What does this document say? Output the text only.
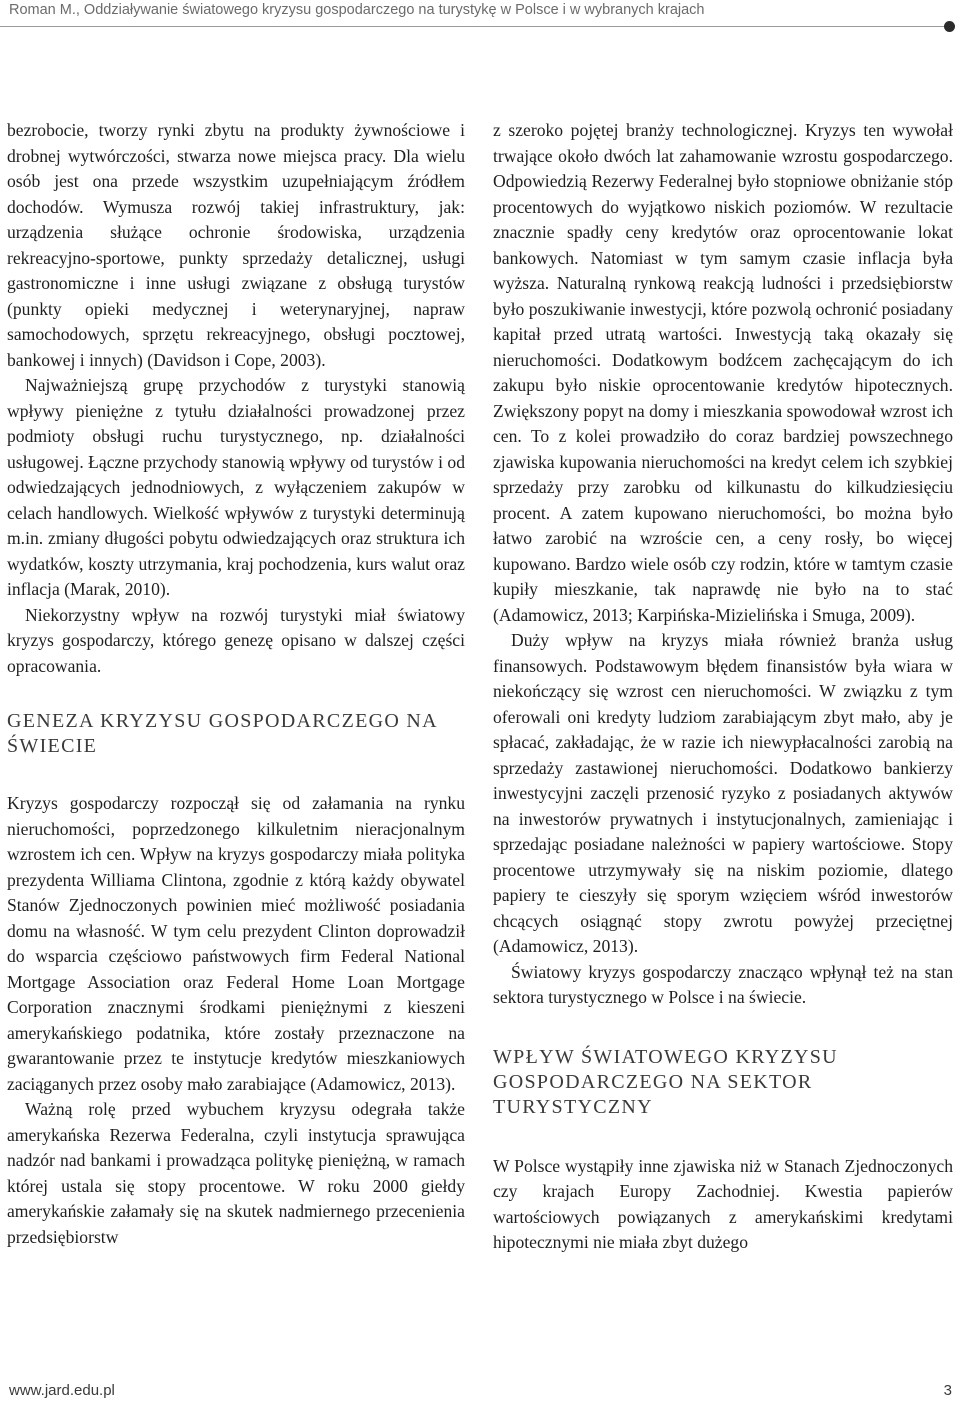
Roman M., Oddziaływanie światowego kryzysu gospodarczego na turystykę w Polsce i w wybranych krajach

bezrobocie, tworzy rynki zbytu na produkty żywnościowe i drobnej wytwórczości, stwarza nowe miejsca pracy. Dla wielu osób jest ona przede wszystkim uzupełniającym źródłem dochodów. Wymusza rozwój takiej infrastruktury, jak: urządzenia służące ochronie środowiska, urządzenia rekreacyjno-sportowe, punkty sprzedaży detalicznej, usługi gastronomiczne i inne usługi związane z obsługą turystów (punkty opieki medycznej i weterynaryjnej, napraw samochodowych, sprzętu rekreacyjnego, obsługi pocztowej, bankowej i innych) (Davidson i Cope, 2003).

Najważniejszą grupę przychodów z turystyki stanowią wpływy pieniężne z tytułu działalności prowadzonej przez podmioty obsługi ruchu turystycznego, np. działalności usługowej. Łączne przychody stanowią wpływy od turystów i od odwiedzających jednodniowych, z wyłączeniem zakupów w celach handlowych. Wielkość wpływów z turystyki determinują m.in. zmiany długości pobytu odwiedzających oraz struktura ich wydatków, koszty utrzymania, kraj pochodzenia, kurs walut oraz inflacja (Marak, 2010).

Niekorzystny wpływ na rozwój turystyki miał światowy kryzys gospodarczy, którego genezę opisano w dalszej części opracowania.

GENEZA KRYZYSU GOSPODARCZEGO NA ŚWIECIE

Kryzys gospodarczy rozpoczął się od załamania na rynku nieruchomości, poprzedzonego kilkuletnim nieracjonalnym wzrostem ich cen. Wpływ na kryzys gospodarczy miała polityka prezydenta Williama Clintona, zgodnie z którą każdy obywatel Stanów Zjednoczonych powinien mieć możliwość posiadania domu na własność. W tym celu prezydent Clinton doprowadził do wsparcia częściowo państwowych firm Federal National Mortgage Association oraz Federal Home Loan Mortgage Corporation znacznymi środkami pieniężnymi z kieszeni amerykańskiego podatnika, które zostały przeznaczone na gwarantowanie przez te instytucje kredytów mieszkaniowych zaciąganych przez osoby mało zarabiające (Adamowicz, 2013).

Ważną rolę przed wybuchem kryzysu odegrała także amerykańska Rezerwa Federalna, czyli instytucja sprawująca nadzór nad bankami i prowadząca politykę pieniężną, w ramach której ustala się stopy procentowe. W roku 2000 giełdy amerykańskie załamały się na skutek nadmiernego przecenienia przedsiębiorstw

z szeroko pojętej branży technologicznej. Kryzys ten wywołał trwające około dwóch lat zahamowanie wzrostu gospodarczego. Odpowiedzią Rezerwy Federalnej było stopniowe obniżanie stóp procentowych do wyjątkowo niskich poziomów. W rezultacie znacznie spadły ceny kredytów oraz oprocentowanie lokat bankowych. Natomiast w tym samym czasie inflacja była wyższa. Naturalną rynkową reakcją ludności i przedsiębiorstw było poszukiwanie inwestycji, które pozwolą ochronić posiadany kapitał przed utratą wartości. Inwestycją taką okazały się nieruchomości. Dodatkowym bodźcem zachęcającym do ich zakupu było niskie oprocentowanie kredytów hipotecznych. Zwiększony popyt na domy i mieszkania spowodował wzrost ich cen. To z kolei prowadziło do coraz bardziej powszechnego zjawiska kupowania nieruchomości na kredyt celem ich szybkiej sprzedaży przy zarobku od kilkunastu do kilkudziesięciu procent. A zatem kupowano nieruchomości, bo można było łatwo zarobić na wzroście cen, a ceny rosły, bo więcej kupowano. Bardzo wiele osób czy rodzin, które w tamtym czasie kupiły mieszkanie, tak naprawdę nie było na to stać (Adamowicz, 2013; Karpińska-Mizielińska i Smuga, 2009).

Duży wpływ na kryzys miała również branża usług finansowych. Podstawowym błędem finansistów była wiara w niekończący się wzrost cen nieruchomości. W związku z tym oferowali oni kredyty ludziom zarabiającym zbyt mało, aby je spłacać, zakładając, że w razie ich niewypłacalności zarobią na sprzedaży zastawionej nieruchomości. Dodatkowo bankierzy inwestycyjni zaczęli przenosić ryzyko z posiadanych aktywów na inwestorów prywatnych i instytucjonalnych, zamieniając i sprzedając posiadane należności w papiery wartościowe. Stopy procentowe utrzymywały się na niskim poziomie, dlatego papiery te cieszyły się sporym wzięciem wśród inwestorów chcących osiągnąć stopy zwrotu powyżej przeciętnej (Adamowicz, 2013).

Światowy kryzys gospodarczy znacząco wpłynął też na stan sektora turystycznego w Polsce i na świecie.

WPŁYW ŚWIATOWEGO KRYZYSU GOSPODARCZEGO NA SEKTOR TURYSTYCZNY

W Polsce wystąpiły inne zjawiska niż w Stanach Zjednoczonych czy krajach Europy Zachodniej. Kwestia papierów wartościowych powiązanych z amerykańskimi kredytami hipotecznymi nie miała zbyt dużego

www.jard.edu.pl	3
